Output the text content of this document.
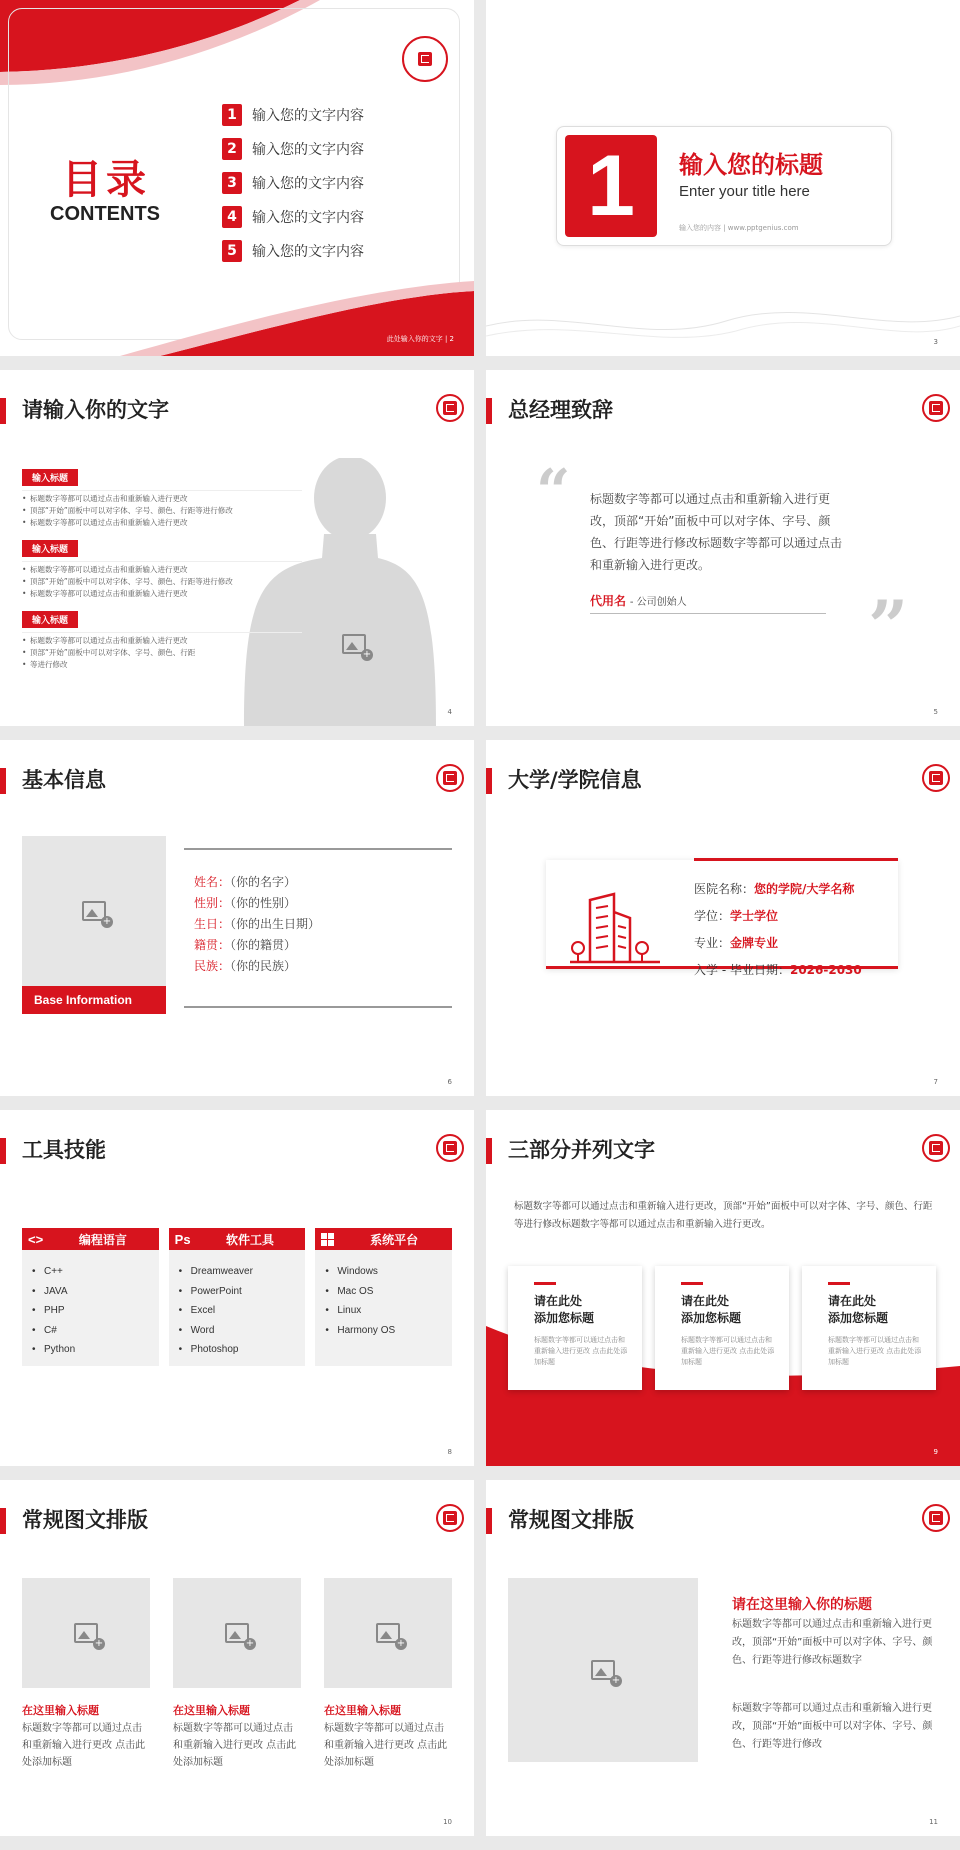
目录
CONTENTS
1	输入您的文字内容
2	输入您的文字内容
3	输入您的文字内容
4	输入您的文字内容
5	输入您的文字内容
此处输入你的文字 | 2
1	输入您的标题
Enter your title here
输入您的内容 | www.pptgenius.com
3
请输入你的文字
+
输入标题
• 标题数字等都可以通过点击和重新输入进行更改
• 顶部“开始”面板中可以对字体、字号、颜色、行距等进行修改
• 标题数字等都可以通过点击和重新输入进行更改
输入标题
• 标题数字等都可以通过点击和重新输入进行更改
• 顶部“开始”面板中可以对字体、字号、颜色、行距等进行修改
• 标题数字等都可以通过点击和重新输入进行更改
输入标题
• 标题数字等都可以通过点击和重新输入进行更改
• 顶部“开始”面板中可以对字体、字号、颜色、行距
• 等进行修改
4
总经理致辞
“ 标题数字等都可以通过点击和重新输入进行更改，顶部“开始”面板中可以对字体、字号、颜色、行距等进行修改标题数字等都可以通过点击和重新输入进行更改。
代用名 - 公司创始人	”
5
基本信息
+
Base Information
姓名：（你的名字）
性别：（你的性别）
生日：（你的出生日期）
籍贯：（你的籍贯）
民族：（你的民族）
6
大学/学院信息
医院名称：您的学院/大学名称
学位：学士学位
专业：金牌专业
入学 - 毕业日期：2026-2030
7
工具技能
<>	编程语言
• C++
• JAVA
• PHP
• C#
• Python
Ps	软件工具
• Dreamweaver
• PowerPoint
• Excel
• Word
• Photoshop
系统平台
• Windows
• Mac OS
• Linux
• Harmony OS
8
三部分并列文字
标题数字等都可以通过点击和重新输入进行更改，顶部“开始”面板中可以对字体、字号、颜色、行距等进行修改标题数字等都可以通过点击和重新输入进行更改。
请在此处
添加您标题
标题数字等都可以通过点击和重新输入进行更改 点击此处添加标题
请在此处
添加您标题
标题数字等都可以通过点击和重新输入进行更改 点击此处添加标题
请在此处
添加您标题
标题数字等都可以通过点击和重新输入进行更改 点击此处添加标题
9
常规图文排版
+
在这里输入标题
标题数字等都可以通过点击和重新输入进行更改 点击此处添加标题
+
在这里输入标题
标题数字等都可以通过点击和重新输入进行更改 点击此处添加标题
+
在这里输入标题
标题数字等都可以通过点击和重新输入进行更改 点击此处添加标题
10
常规图文排版
+
请在这里输入你的标题
标题数字等都可以通过点击和重新输入进行更改，顶部“开始”面板中可以对字体、字号、颜色、行距等进行修改标题数字
标题数字等都可以通过点击和重新输入进行更改，顶部“开始”面板中可以对字体、字号、颜色、行距等进行修改
11
